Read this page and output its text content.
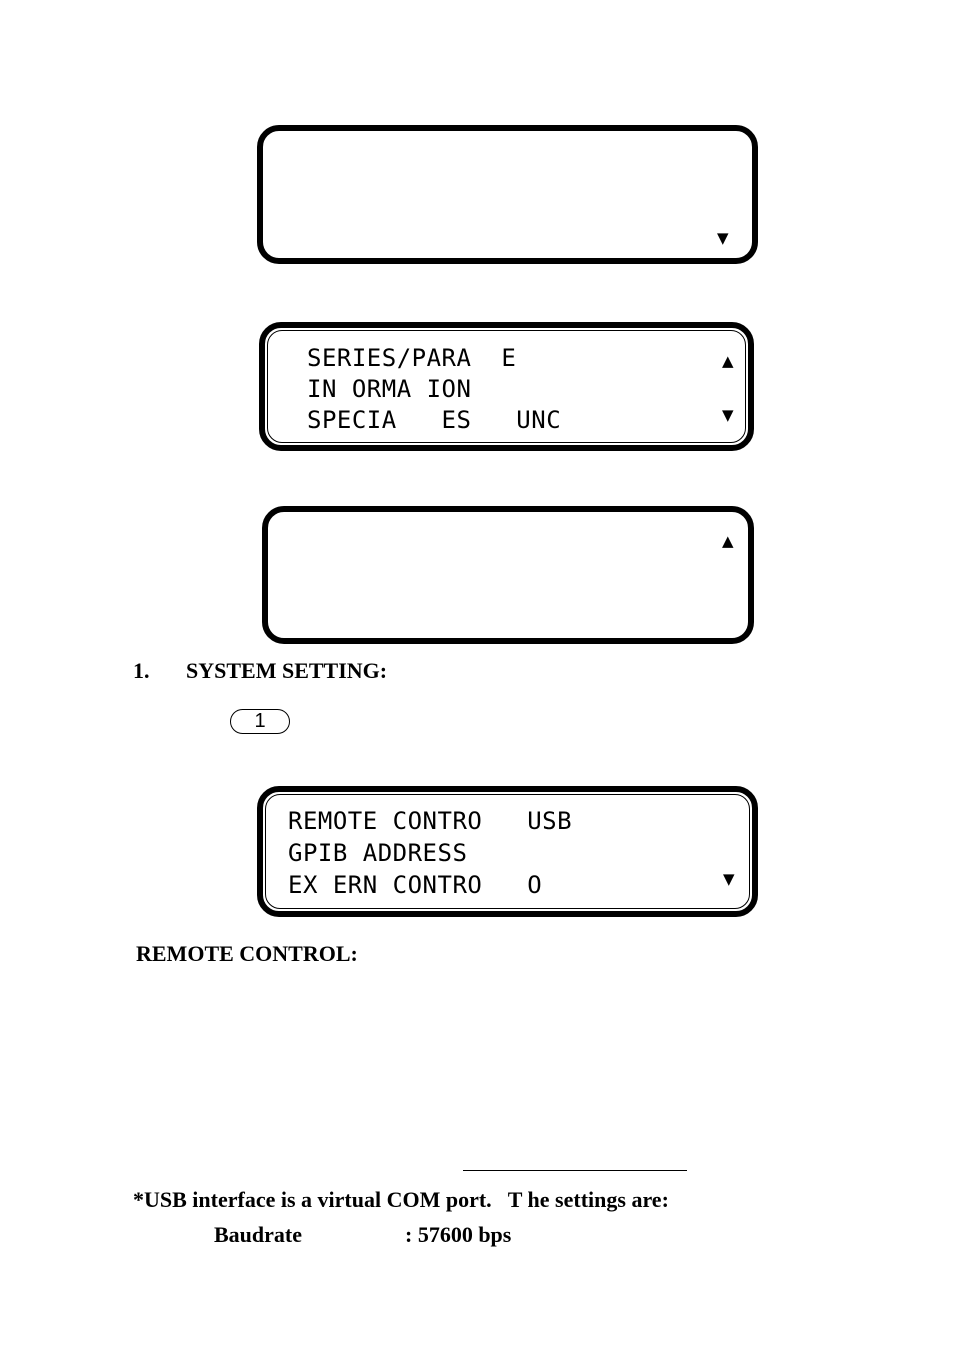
▼
SERIES/PARA  E
IN ORMA ION
SPECIA   ES   UNC
▲
▼
▲
1. SYSTEM SETTING:
1
REMOTE CONTRO   USB
GPIB ADDRESS
EX ERN CONTRO   O	▼
REMOTE CONTROL:
*USB interface is a virtual COM port.   T he settings are:
Baudrate	: 57600 bps
